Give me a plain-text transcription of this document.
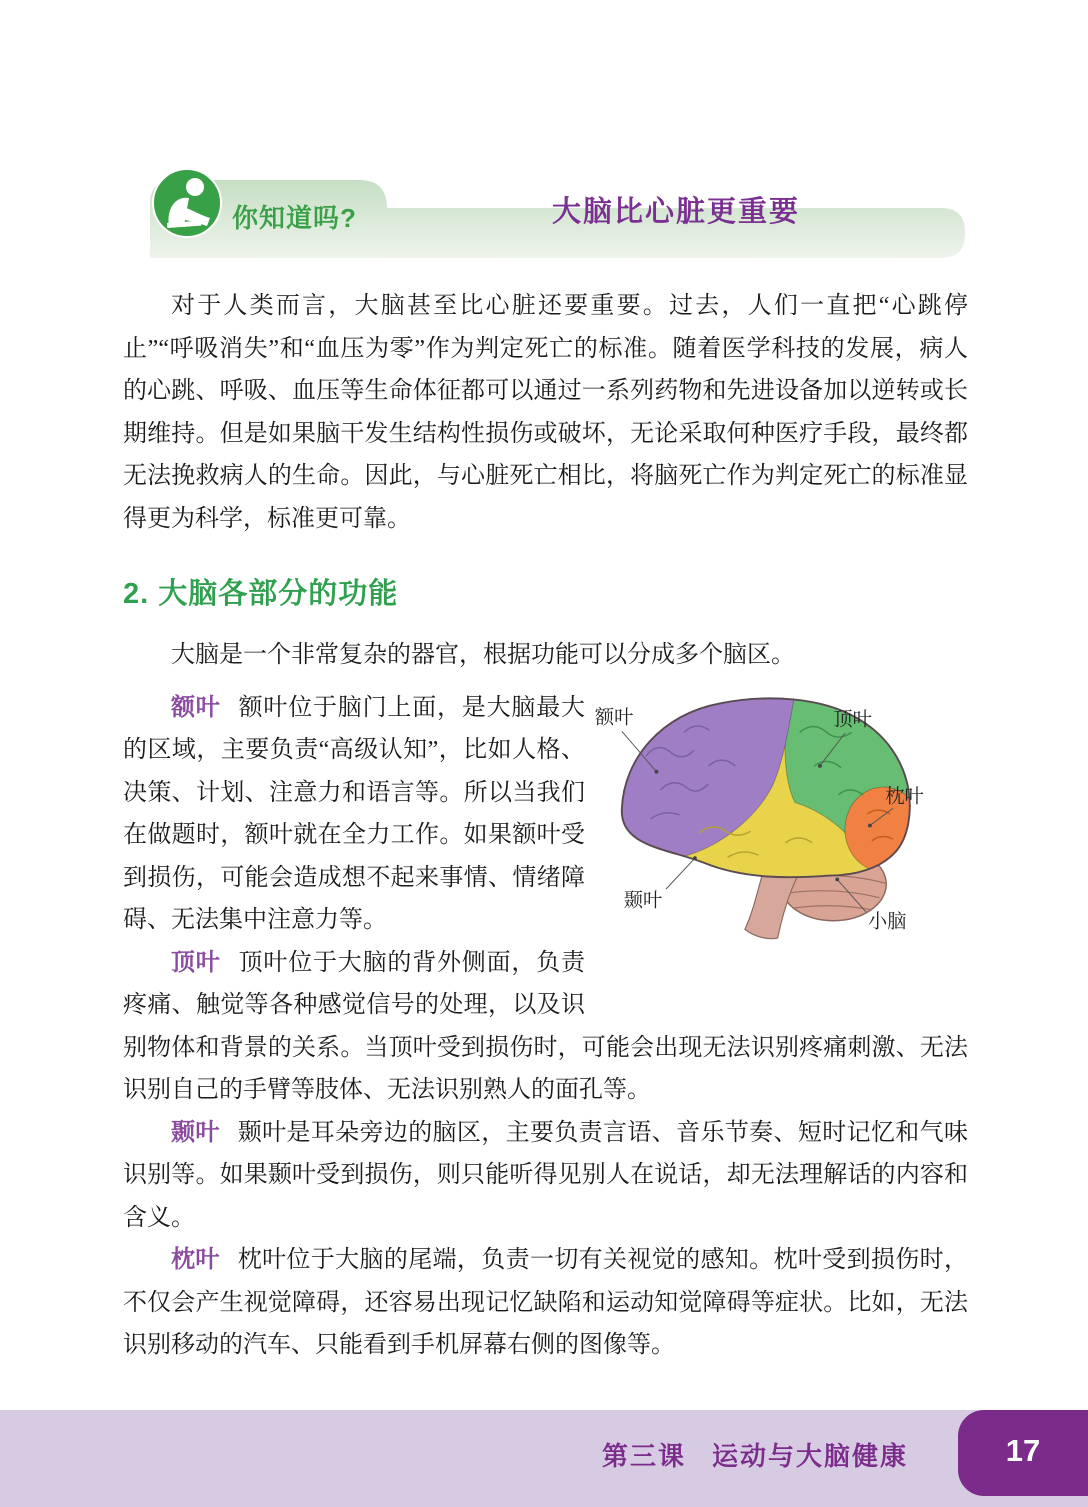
你知道吗?	大脑比心脏更重要

对于人类而言，大脑甚至比心脏还要重要。过去，人们一直把“心跳停止”“呼吸消失”和“血压为零”作为判定死亡的标准。随着医学科技的发展，病人的心跳、呼吸、血压等生命体征都可以通过一系列药物和先进设备加以逆转或长期维持。但是如果脑干发生结构性损伤或破坏，无论采取何种医疗手段，最终都无法挽救病人的生命。因此，与心脏死亡相比，将脑死亡作为判定死亡的标准显得更为科学，标准更可靠。

2. 大脑各部分的功能

大脑是一个非常复杂的器官，根据功能可以分成多个脑区。

额叶	顶叶
枕叶
颞叶
小脑

额叶 额叶位于脑门上面，是大脑最大的区域，主要负责“高级认知”，比如人格、决策、计划、注意力和语言等。所以当我们在做题时，额叶就在全力工作。如果额叶受到损伤，可能会造成想不起来事情、情绪障碍、无法集中注意力等。

顶叶 顶叶位于大脑的背外侧面，负责疼痛、触觉等各种感觉信号的处理，以及识别物体和背景的关系。当顶叶受到损伤时，可能会出现无法识别疼痛刺激、无法识别自己的手臂等肢体、无法识别熟人的面孔等。

颞叶 颞叶是耳朵旁边的脑区，主要负责言语、音乐节奏、短时记忆和气味识别等。如果颞叶受到损伤，则只能听得见别人在说话，却无法理解话的内容和含义。

枕叶 枕叶位于大脑的尾端，负责一切有关视觉的感知。枕叶受到损伤时，不仅会产生视觉障碍，还容易出现记忆缺陷和运动知觉障碍等症状。比如，无法识别移动的汽车、只能看到手机屏幕右侧的图像等。

第三课 运动与大脑健康	17
